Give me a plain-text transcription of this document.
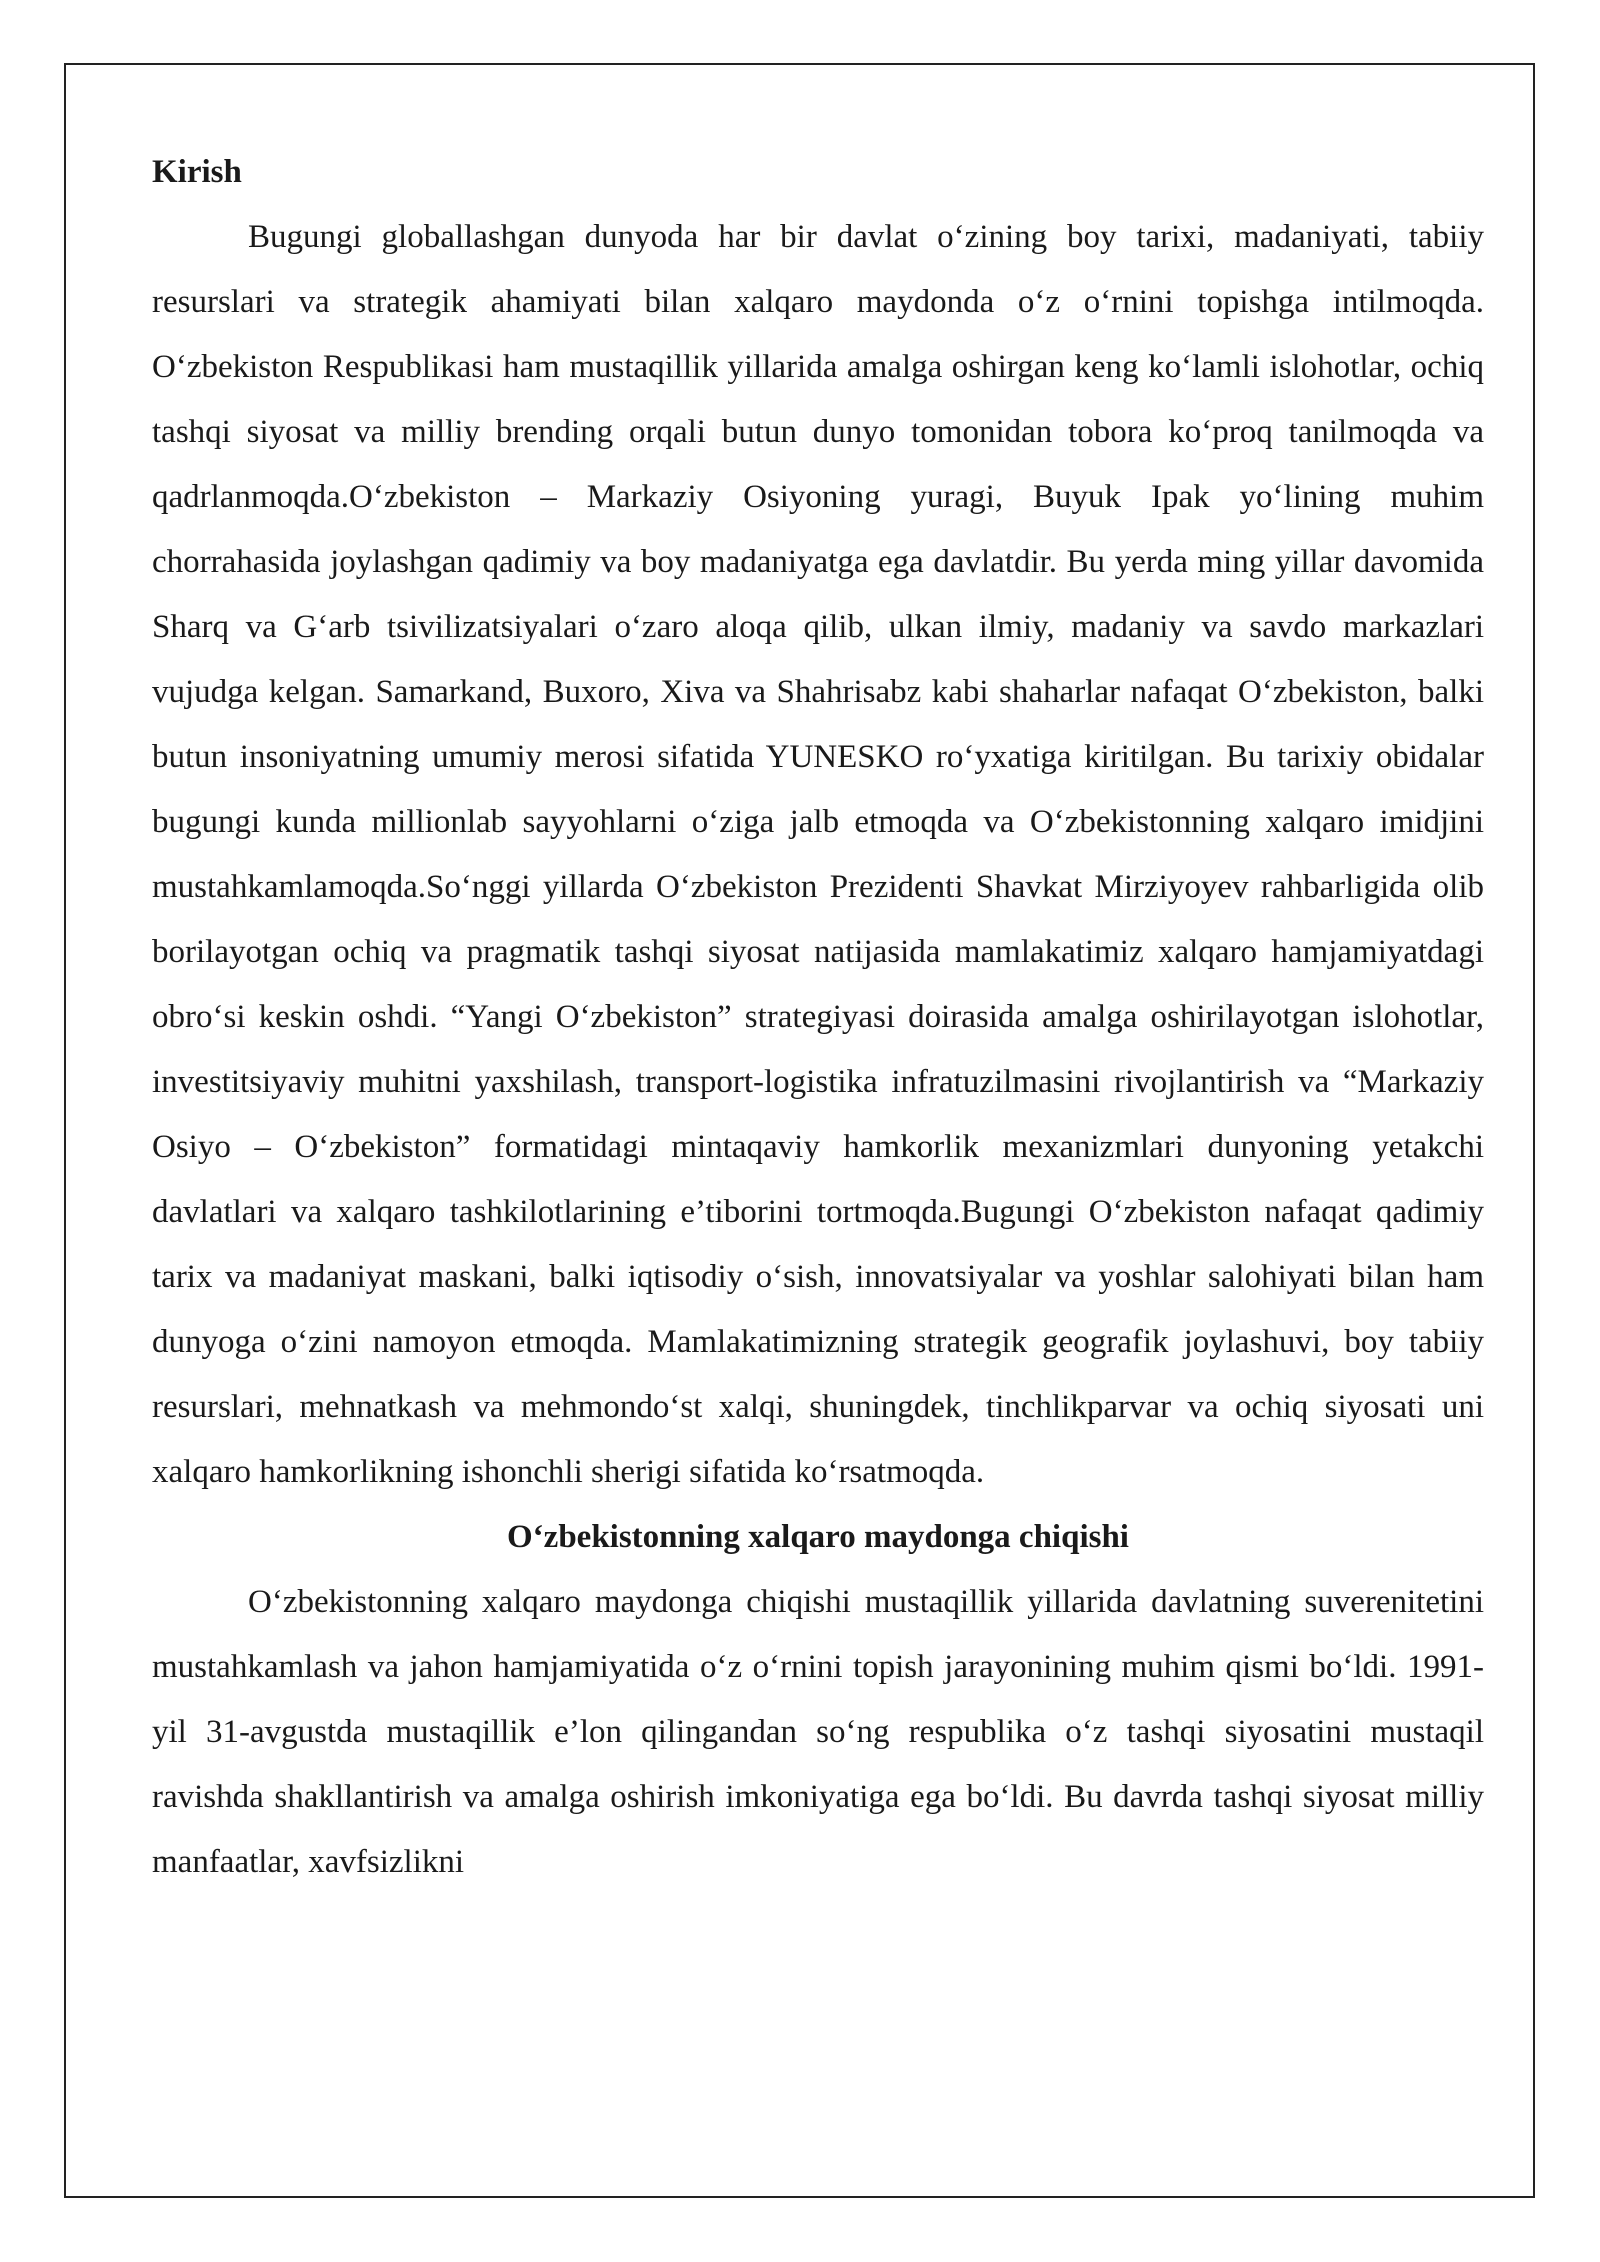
Kirish

Bugungi globallashgan dunyoda har bir davlat o‘zining boy tarixi, madaniyati, tabiiy resurslari va strategik ahamiyati bilan xalqaro maydonda o‘z o‘rnini topishga intilmoqda. O‘zbekiston Respublikasi ham mustaqillik yillarida amalga oshirgan keng ko‘lamli islohotlar, ochiq tashqi siyosat va milliy brending orqali butun dunyo tomonidan tobora ko‘proq tanilmoqda va qadrlanmoqda.O‘zbekiston – Markaziy Osiyoning yuragi, Buyuk Ipak yo‘lining muhim chorrahasida joylashgan qadimiy va boy madaniyatga ega davlatdir. Bu yerda ming yillar davomida Sharq va G‘arb tsivilizatsiyalari o‘zaro aloqa qilib, ulkan ilmiy, madaniy va savdo markazlari vujudga kelgan. Samarkand, Buxoro, Xiva va Shahrisabz kabi shaharlar nafaqat O‘zbekiston, balki butun insoniyatning umumiy merosi sifatida YUNESKO ro‘yxatiga kiritilgan. Bu tarixiy obidalar bugungi kunda millionlab sayyohlarni o‘ziga jalb etmoqda va O‘zbekistonning xalqaro imidjini mustahkamlamoqda.So‘nggi yillarda O‘zbekiston Prezidenti Shavkat Mirziyoyev rahbarligida olib borilayotgan ochiq va pragmatik tashqi siyosat natijasida mamlakatimiz xalqaro hamjamiyatdagi obro‘si keskin oshdi. “Yangi O‘zbekiston” strategiyasi doirasida amalga oshirilayotgan islohotlar, investitsiyaviy muhitni yaxshilash, transport-logistika infratuzilmasini rivojlantirish va “Markaziy Osiyo – O‘zbekiston” formatidagi mintaqaviy hamkorlik mexanizmlari dunyoning yetakchi davlatlari va xalqaro tashkilotlarining e’tiborini tortmoqda.Bugungi O‘zbekiston nafaqat qadimiy tarix va madaniyat maskani, balki iqtisodiy o‘sish, innovatsiyalar va yoshlar salohiyati bilan ham dunyoga o‘zini namoyon etmoqda. Mamlakatimizning strategik geografik joylashuvi, boy tabiiy resurslari, mehnatkash va mehmondo‘st xalqi, shuningdek, tinchlikparvar va ochiq siyosati uni xalqaro hamkorlikning ishonchli sherigi sifatida ko‘rsatmoqda.

O‘zbekistonning xalqaro maydonga chiqishi

O‘zbekistonning xalqaro maydonga chiqishi mustaqillik yillarida davlatning suverenitetini mustahkamlash va jahon hamjamiyatida o‘z o‘rnini topish jarayonining muhim qismi bo‘ldi. 1991-yil 31-avgustda mustaqillik e’lon qilingandan so‘ng respublika o‘z tashqi siyosatini mustaqil ravishda shakllantirish va amalga oshirish imkoniyatiga ega bo‘ldi. Bu davrda tashqi siyosat milliy manfaatlar, xavfsizlikni
